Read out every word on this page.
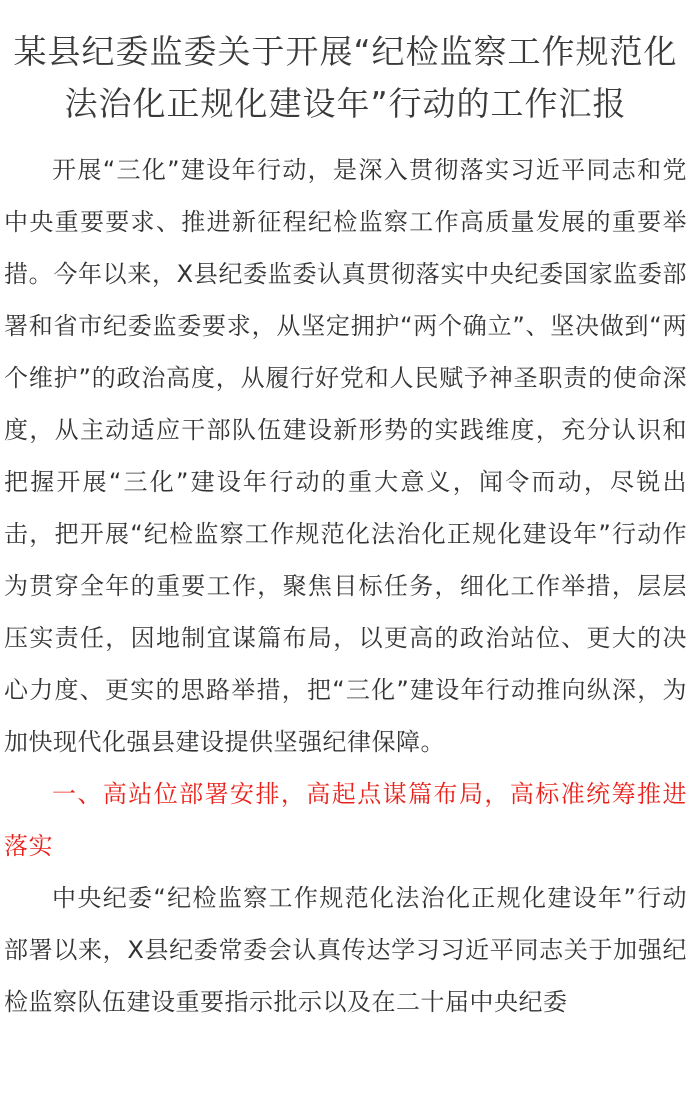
某县纪委监委关于开展“纪检监察工作规范化法治化正规化建设年”行动的工作汇报

开展“三化”建设年行动，是深入贯彻落实习近平同志和党中央重要要求、推进新征程纪检监察工作高质量发展的重要举措。今年以来，X县纪委监委认真贯彻落实中央纪委国家监委部署和省市纪委监委要求，从坚定拥护“两个确立”、坚决做到“两个维护”的政治高度，从履行好党和人民赋予神圣职责的使命深度，从主动适应干部队伍建设新形势的实践维度，充分认识和把握开展“三化”建设年行动的重大意义，闻令而动，尽锐出击，把开展“纪检监察工作规范化法治化正规化建设年”行动作为贯穿全年的重要工作，聚焦目标任务，细化工作举措，层层压实责任，因地制宜谋篇布局，以更高的政治站位、更大的决心力度、更实的思路举措，把“三化”建设年行动推向纵深，为加快现代化强县建设提供坚强纪律保障。

一、高站位部署安排，高起点谋篇布局，高标准统筹推进落实

中央纪委“纪检监察工作规范化法治化正规化建设年”行动部署以来，X县纪委常委会认真传达学习习近平同志关于加强纪检监察队伍建设重要指示批示以及在二十届中央纪委
